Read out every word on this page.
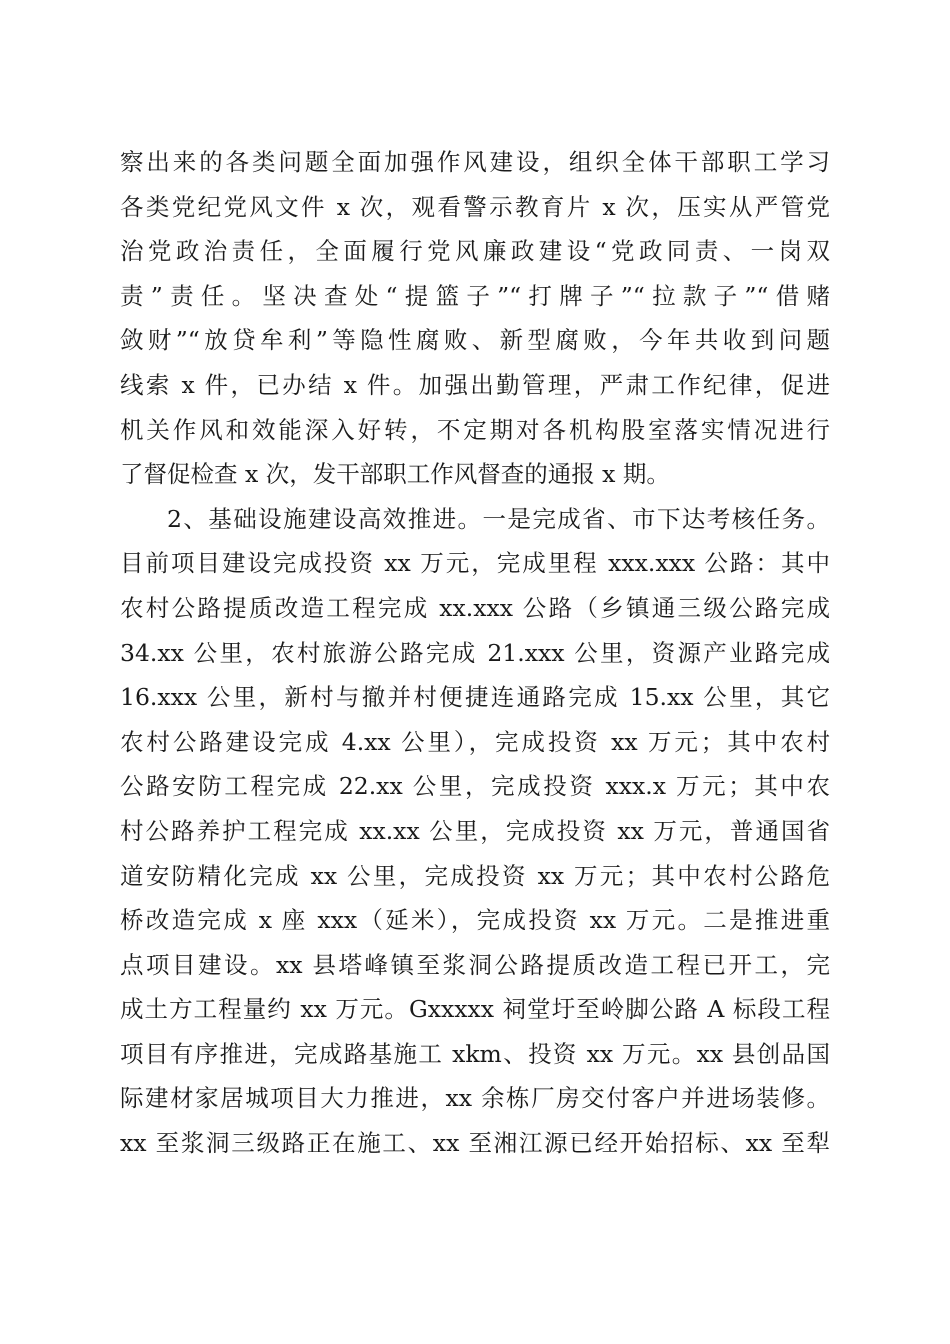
察出来的各类问题全面加强作风建设，组织全体干部职工学习
各类党纪党风文件 x 次，观看警示教育片 x 次，压实从严管党
治党政治责任，全面履行党风廉政建设“党政同责、一岗双
责”责任。坚决查处“提篮子”“打牌子”“拉款子”“借赌
敛财”“放贷牟利”等隐性腐败、新型腐败，今年共收到问题
线索 x 件，已办结 x 件。加强出勤管理，严肃工作纪律，促进
机关作风和效能深入好转，不定期对各机构股室落实情况进行
了督促检查 x 次，发干部职工作风督查的通报 x 期。
2、基础设施建设高效推进。一是完成省、市下达考核任务。
目前项目建设完成投资 xx 万元，完成里程 xxx.xxx 公路：其中
农村公路提质改造工程完成 xx.xxx 公路（乡镇通三级公路完成
34.xx 公里，农村旅游公路完成 21.xxx 公里，资源产业路完成
16.xxx 公里，新村与撤并村便捷连通路完成 15.xx 公里，其它
农村公路建设完成 4.xx 公里），完成投资 xx 万元；其中农村
公路安防工程完成 22.xx 公里，完成投资 xxx.x 万元；其中农
村公路养护工程完成 xx.xx 公里，完成投资 xx 万元，普通国省
道安防精化完成 xx 公里，完成投资 xx 万元；其中农村公路危
桥改造完成 x 座 xxx（延米），完成投资 xx 万元。二是推进重
点项目建设。xx 县塔峰镇至浆洞公路提质改造工程已开工，完
成土方工程量约 xx 万元。Gxxxxx 祠堂圩至岭脚公路 A 标段工程
项目有序推进，完成路基施工 xkm、投资 xx 万元。xx 县创品国
际建材家居城项目大力推进，xx 余栋厂房交付客户并进场装修。
xx 至浆洞三级路正在施工、xx 至湘江源已经开始招标、xx 至犁
